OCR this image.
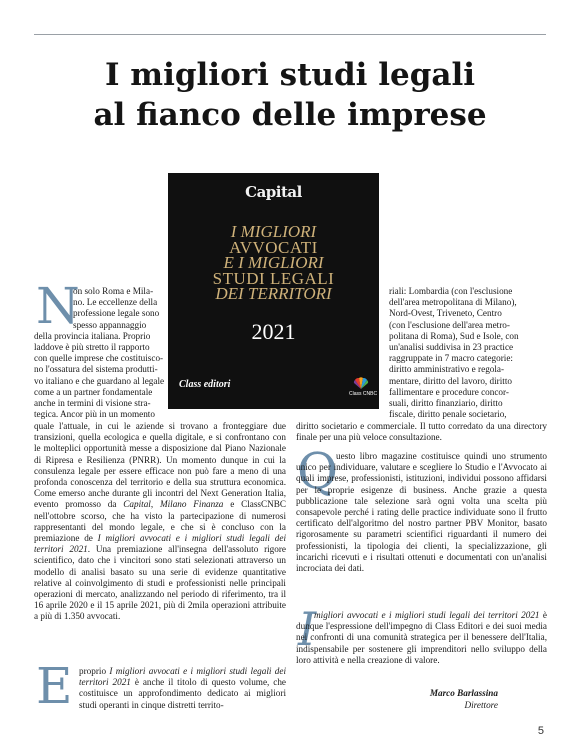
I migliori studi legali
al fianco delle imprese
Capital
I MIGLIORI
AVVOCATI
E I MIGLIORI
STUDI LEGALI
DEI TERRITORI
2021
Class editori
Class CNBC
N
on solo Roma e Mila-
no. Le eccellenze della
professione legale sono
spesso appannaggio
della provincia italiana. Proprio
laddove è più stretto il rapporto
con quelle imprese che costituisco-
no l'ossatura del sistema produtti-
vo italiano e che guardano al legale
come a un partner fondamentale
anche in termini di visione stra-
tegica. Ancor più in un momento

quale l'attuale, in cui le aziende si trovano a fronteggiare due transizioni, quella ecologica e quella digitale, e si confrontano con le molteplici opportunità messe a disposizione dal Piano Nazionale di Ripresa e Resilienza (PNRR). Un momento dunque in cui la consulenza legale per essere efficace non può fare a meno di una profonda conoscenza del territorio e della sua struttura economica. Come emerso anche durante gli incontri del Next Generation Italia, evento promosso da Capital, Milano Finanza e ClassCNBC nell'ottobre scorso, che ha visto la partecipazione di numerosi rappresentanti del mondo legale, e che si è concluso con la premiazione de I migliori avvocati e i migliori studi legali dei territori 2021. Una premiazione all'insegna dell'assoluto rigore scientifico, dato che i vincitori sono stati selezionati attraverso un modello di analisi basato su una serie di evidenze quantitative relative al coinvolgimento di studi e professionisti nelle principali operazioni di mercato, analizzando nel periodo di riferimento, tra il 16 aprile 2020 e il 15 aprile 2021, più di 2mila operazioni attribuite a più di 1.350 avvocati.

E proprio I migliori avvocati e i migliori studi legali dei territori 2021 è anche il titolo di questo volume, che costituisce un approfondimento dedicato ai migliori studi operanti in cinque distretti territo-

riali: Lombardia (con l'esclusione
dell'area metropolitana di Milano),
Nord-Ovest, Triveneto, Centro
(con l'esclusione dell'area metro-
politana di Roma), Sud e Isole, con
un'analisi suddivisa in 23 practice
raggruppate in 7 macro categorie:
diritto amministrativo e regola-
mentare, diritto del lavoro, diritto
fallimentare e procedure concor-
suali, diritto finanziario, diritto
fiscale, diritto penale societario,

diritto societario e commerciale. Il tutto corredato da una directory finale per una più veloce consultazione.

Q

uesto libro magazine costituisce quindi uno strumento unico per individuare, valutare e scegliere lo Studio e l'Avvocato ai quali imprese, professionisti, istituzioni, individui possono affidarsi per le proprie esigenze di business. Anche grazie a questa pubblicazione tale selezione sarà ogni volta una scelta più consapevole perché i rating delle practice individuate sono il frutto certificato dell'algoritmo del nostro partner PBV Monitor, basato rigorosamente su parametri scientifici riguardanti il numero dei professionisti, la tipologia dei clienti, la specializzazione, gli incarichi ricevuti e i risultati ottenuti e documentati con un'analisi incrociata dei dati.

I

migliori avvocati e i migliori studi legali dei territori 2021 è dunque l'espressione dell'impegno di Class Editori e dei suoi media nei confronti di una comunità strategica per il benessere dell'Italia, indispensabile per sostenere gli imprenditori nello sviluppo della loro attività e nella creazione di valore.

Marco Barlassina
Direttore
5
